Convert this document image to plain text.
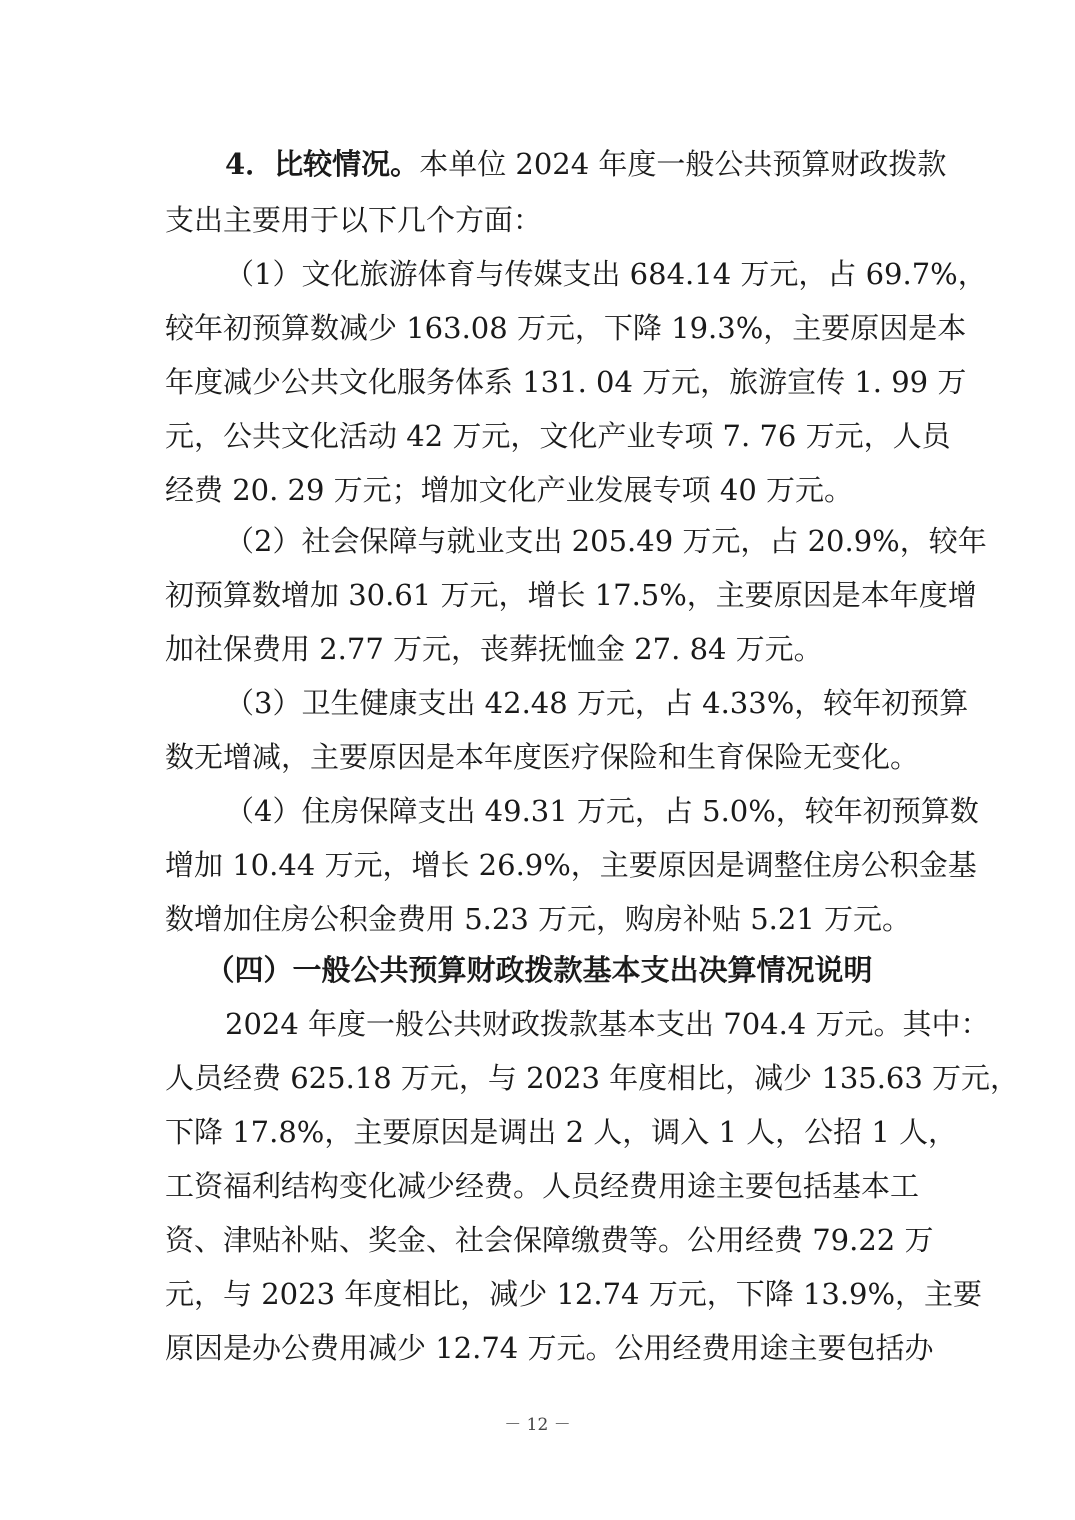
4．比较情况。本单位 2024 年度一般公共预算财政拨款
支出主要用于以下几个方面：
（1）文化旅游体育与传媒支出 684.14 万元，占 69.7%，
较年初预算数减少 163.08 万元，下降 19.3%，主要原因是本
年度减少公共文化服务体系 131. 04 万元，旅游宣传 1. 99 万
元，公共文化活动 42 万元，文化产业专项 7. 76 万元，人员
经费 20. 29 万元；增加文化产业发展专项 40 万元。
（2）社会保障与就业支出 205.49 万元，占 20.9%，较年
初预算数增加 30.61 万元，增长 17.5%，主要原因是本年度增
加社保费用 2.77 万元，丧葬抚恤金 27. 84 万元。
（3）卫生健康支出 42.48 万元，占 4.33%，较年初预算
数无增减，主要原因是本年度医疗保险和生育保险无变化。
（4）住房保障支出 49.31 万元，占 5.0%，较年初预算数
增加 10.44 万元，增长 26.9%，主要原因是调整住房公积金基
数增加住房公积金费用 5.23 万元，购房补贴 5.21 万元。
（四）一般公共预算财政拨款基本支出决算情况说明
2024 年度一般公共财政拨款基本支出 704.4 万元。其中：
人员经费 625.18 万元，与 2023 年度相比，减少 135.63 万元，
下降 17.8%，主要原因是调出 2 人，调入 1 人，公招 1 人，
工资福利结构变化减少经费。人员经费用途主要包括基本工
资、津贴补贴、奖金、社会保障缴费等。公用经费 79.22 万
元，与 2023 年度相比，减少 12.74 万元，下降 13.9%，主要
原因是办公费用减少 12.74 万元。公用经费用途主要包括办
－ 12 －
